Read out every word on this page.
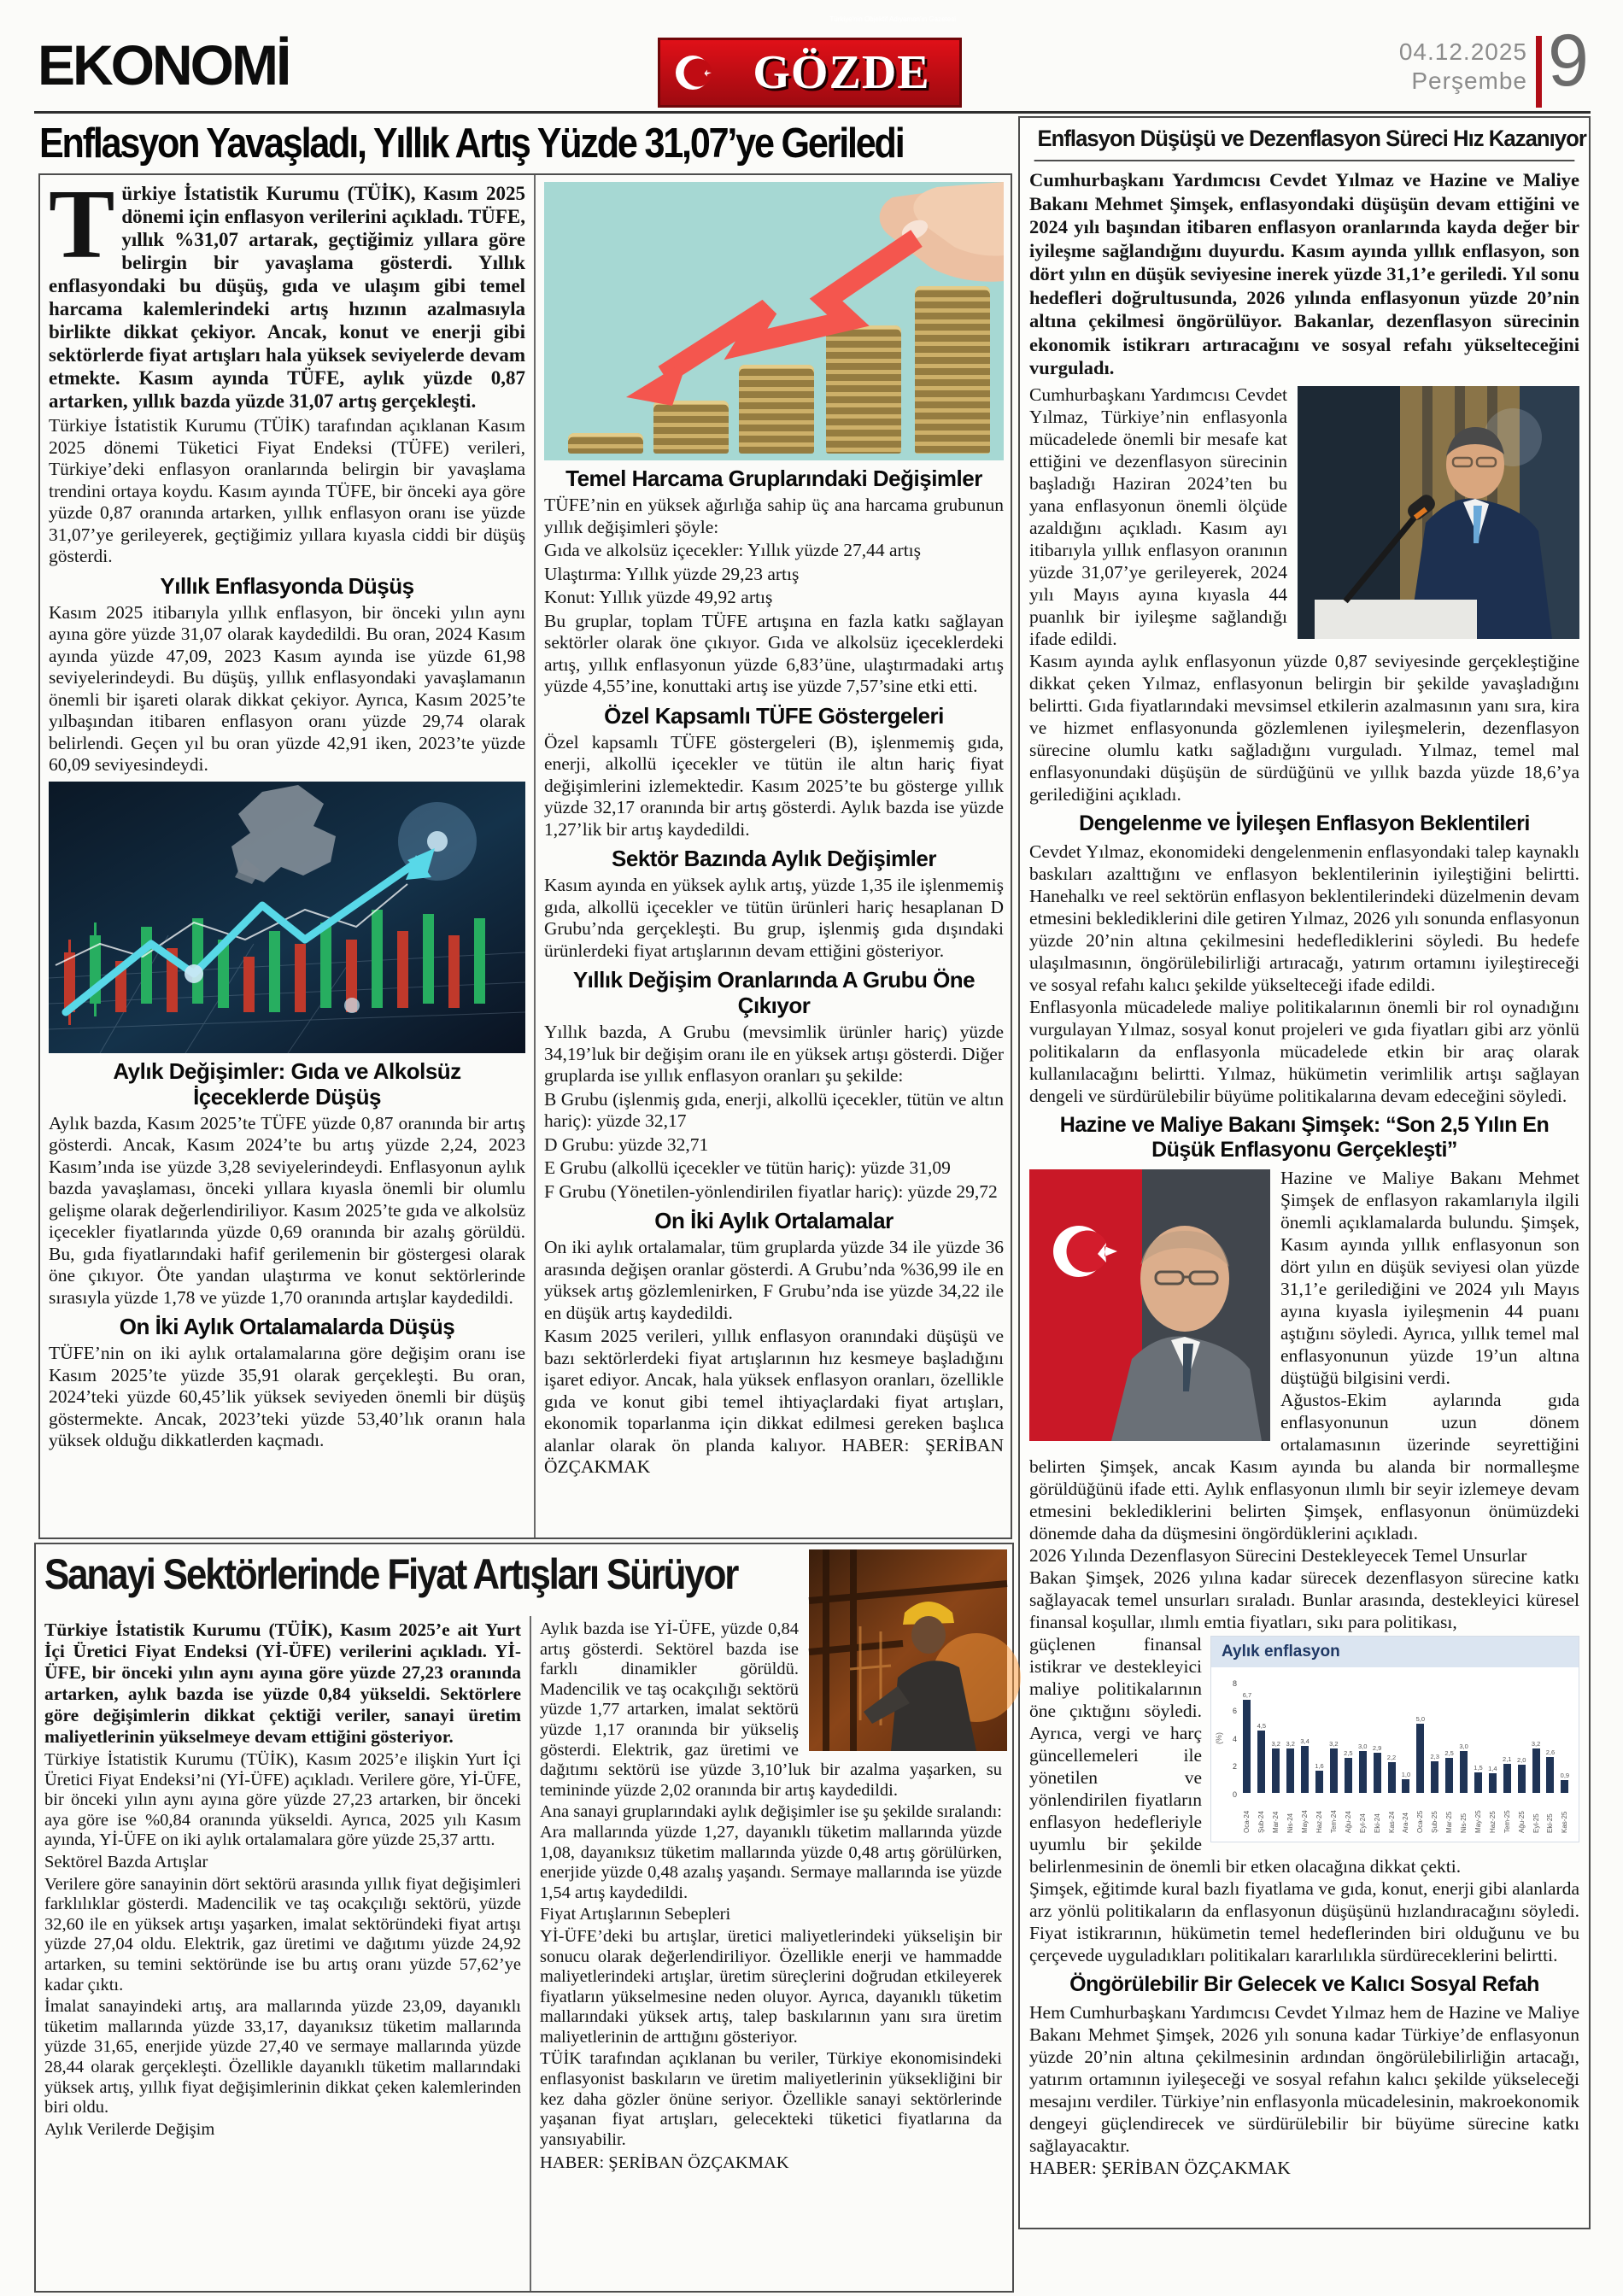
EKONOMİ
Türkiye'nin Objektif Adıyaman'ın Gazetesi
GÖZDE	04.12.2025
Perşembe 9
Enflasyon Yavaşladı, Yıllık Artış Yüzde 31,07’ye Geriledi

Türkiye İstatistik Kurumu (TÜİK), Kasım 2025 dönemi için enflasyon verilerini açıkladı. TÜFE, yıllık %31,07 artarak, geçtiğimiz yıllara göre belirgin bir yavaşlama gösterdi. Yıllık enflasyondaki bu düşüş, gıda ve ulaşım gibi temel harcama kalemlerindeki artış hızının azalmasıyla birlikte dikkat çekiyor. Ancak, konut ve enerji gibi sektörlerde fiyat artışları hala yüksek seviyelerde devam etmekte. Kasım ayında TÜFE, aylık yüzde 0,87 artarken, yıllık bazda yüzde 31,07 artış gerçekleşti.

Türkiye İstatistik Kurumu (TÜİK) tarafından açıklanan Kasım 2025 dönemi Tüketici Fiyat Endeksi (TÜFE) verileri, Türkiye’deki enflasyon oranlarında belirgin bir yavaşlama trendini ortaya koydu. Kasım ayında TÜFE, bir önceki aya göre yüzde 0,87 oranında artarken, yıllık enflasyon oranı ise yüzde 31,07’ye gerileyerek, geçtiğimiz yıllara kıyasla ciddi bir düşüş gösterdi.

Yıllık Enflasyonda Düşüş

Kasım 2025 itibarıyla yıllık enflasyon, bir önceki yılın aynı ayına göre yüzde 31,07 olarak kaydedildi. Bu oran, 2024 Kasım ayında yüzde 47,09, 2023 Kasım ayında ise yüzde 61,98 seviyelerindeydi. Bu düşüş, yıllık enflasyondaki yavaşlamanın önemli bir işareti olarak dikkat çekiyor. Ayrıca, Kasım 2025’te yılbaşından itibaren enflasyon oranı yüzde 29,74 olarak belirlendi. Geçen yıl bu oran yüzde 42,91 iken, 2023’te yüzde 60,09 seviyesindeydi.

Aylık Değişimler: Gıda ve Alkolsüz İçeceklerde Düşüş

Aylık bazda, Kasım 2025’te TÜFE yüzde 0,87 oranında bir artış gösterdi. Ancak, Kasım 2024’te bu artış yüzde 2,24, 2023 Kasım’ında ise yüzde 3,28 seviyelerindeydi. Enflasyonun aylık bazda yavaşlaması, önceki yıllara kıyasla önemli bir olumlu gelişme olarak değerlendiriliyor. Kasım 2025’te gıda ve alkolsüz içecekler fiyatlarında yüzde 0,69 oranında bir azalış görüldü. Bu, gıda fiyatlarındaki hafif gerilemenin bir göstergesi olarak öne çıkıyor. Öte yandan ulaştırma ve konut sektörlerinde sırasıyla yüzde 1,78 ve yüzde 1,70 oranında artışlar kaydedildi.

On İki Aylık Ortalamalarda Düşüş

TÜFE’nin on iki aylık ortalamalarına göre değişim oranı ise Kasım 2025’te yüzde 35,91 olarak gerçekleşti. Bu oran, 2024’teki yüzde 60,45’lik yüksek seviyeden önemli bir düşüş göstermekte. Ancak, 2023’teki yüzde 53,40’lık oranın hala yüksek olduğu dikkatlerden kaçmadı.

Temel Harcama Gruplarındaki Değişimler

TÜFE’nin en yüksek ağırlığa sahip üç ana harcama grubunun yıllık değişimleri şöyle:

Gıda ve alkolsüz içecekler: Yıllık yüzde 27,44 artış

Ulaştırma: Yıllık yüzde 29,23 artış

Konut: Yıllık yüzde 49,92 artış

Bu gruplar, toplam TÜFE artışına en fazla katkı sağlayan sektörler olarak öne çıkıyor. Gıda ve alkolsüz içeceklerdeki artış, yıllık enflasyonun yüzde 6,83’üne, ulaştırmadaki artış yüzde 4,55’ine, konuttaki artış ise yüzde 7,57’sine etki etti.

Özel Kapsamlı TÜFE Göstergeleri

Özel kapsamlı TÜFE göstergeleri (B), işlenmemiş gıda, enerji, alkollü içecekler ve tütün ile altın hariç fiyat değişimlerini izlemektedir. Kasım 2025’te bu gösterge yıllık yüzde 32,17 oranında bir artış gösterdi. Aylık bazda ise yüzde 1,27’lik bir artış kaydedildi.

Sektör Bazında Aylık Değişimler

Kasım ayında en yüksek aylık artış, yüzde 1,35 ile işlenmemiş gıda, alkollü içecekler ve tütün ürünleri hariç hesaplanan D Grubu’nda gerçekleşti. Bu grup, işlenmiş gıda dışındaki ürünlerdeki fiyat artışlarının devam ettiğini gösteriyor.

Yıllık Değişim Oranlarında A Grubu Öne Çıkıyor

Yıllık bazda, A Grubu (mevsimlik ürünler hariç) yüzde 34,19’luk bir değişim oranı ile en yüksek artışı gösterdi. Diğer gruplarda ise yıllık enflasyon oranları şu şekilde:

B Grubu (işlenmiş gıda, enerji, alkollü içecekler, tütün ve altın hariç): yüzde 32,17

D Grubu: yüzde 32,71

E Grubu (alkollü içecekler ve tütün hariç): yüzde 31,09

F Grubu (Yönetilen-yönlendirilen fiyatlar hariç): yüzde 29,72

On İki Aylık Ortalamalar

On iki aylık ortalamalar, tüm gruplarda yüzde 34 ile yüzde 36 arasında değişen oranlar gösterdi. A Grubu’nda %36,99 ile en yüksek artış gözlemlenirken, F Grubu’nda ise yüzde 34,22 ile en düşük artış kaydedildi.

Kasım 2025 verileri, yıllık enflasyon oranındaki düşüşü ve bazı sektörlerdeki fiyat artışlarının hız kesmeye başladığını işaret ediyor. Ancak, hala yüksek enflasyon oranları, özellikle gıda ve konut gibi temel ihtiyaçlardaki fiyat artışları, ekonomik toparlanma için dikkat edilmesi gereken başlıca alanlar olarak ön planda kalıyor. HABER: ŞERİBAN ÖZÇAKMAK

Enflasyon Düşüşü ve Dezenflasyon Süreci Hız Kazanıyor

Cumhurbaşkanı Yardımcısı Cevdet Yılmaz ve Hazine ve Maliye Bakanı Mehmet Şimşek, enflasyondaki düşüşün devam ettiğini ve 2024 yılı başından itibaren enflasyon oranlarında kayda değer bir iyileşme sağlandığını duyurdu. Kasım ayında yıllık enflasyon, son dört yılın en düşük seviyesine inerek yüzde 31,1’e geriledi. Yıl sonu hedefleri doğrultusunda, 2026 yılında enflasyonun yüzde 20’nin altına çekilmesi öngörülüyor. Bakanlar, dezenflasyon sürecinin ekonomik istikrarı artıracağını ve sosyal refahı yükselteceğini vurguladı.

Cumhurbaşkanı Yardımcısı Cevdet Yılmaz, Türkiye’nin enflasyonla mücadelede önemli bir mesafe kat ettiğini ve dezenflasyon sürecinin başladığı Haziran 2024’ten bu yana enflasyonun önemli ölçüde azaldığını açıkladı. Kasım ayı itibarıyla yıllık enflasyon oranının yüzde 31,07’ye gerileyerek, 2024 yılı Mayıs ayına kıyasla 44 puanlık bir iyileşme sağlandığı ifade edildi.

Kasım ayında aylık enflasyonun yüzde 0,87 seviyesinde gerçekleştiğine dikkat çeken Yılmaz, enflasyonun belirgin bir şekilde yavaşladığını belirtti. Gıda fiyatlarındaki mevsimsel etkilerin azalmasının yanı sıra, kira ve hizmet enflasyonunda gözlemlenen iyileşmelerin, dezenflasyon sürecine olumlu katkı sağladığını vurguladı. Yılmaz, temel mal enflasyonundaki düşüşün de sürdüğünü ve yıllık bazda yüzde 18,6’ya gerilediğini açıkladı.

Dengelenme ve İyileşen Enflasyon Beklentileri

Cevdet Yılmaz, ekonomideki dengelenmenin enflasyondaki talep kaynaklı baskıları azalttığını ve enflasyon beklentilerinin iyileştiğini belirtti. Hanehalkı ve reel sektörün enflasyon beklentilerindeki düzelmenin devam etmesini beklediklerini dile getiren Yılmaz, 2026 yılı sonunda enflasyonun yüzde 20’nin altına çekilmesini hedeflediklerini söyledi. Bu hedefe ulaşılmasının, öngörülebilirliği artıracağı, yatırım ortamını iyileştireceği ve sosyal refahı kalıcı şekilde yükselteceği ifade edildi.

Enflasyonla mücadelede maliye politikalarının önemli bir rol oynadığını vurgulayan Yılmaz, sosyal konut projeleri ve gıda fiyatları gibi arz yönlü politikaların da enflasyonla mücadelede etkin bir araç olarak kullanılacağını belirtti. Yılmaz, hükümetin verimlilik artışı sağlayan dengeli ve sürdürülebilir büyüme politikalarına devam edeceğini söyledi.

Hazine ve Maliye Bakanı Şimşek: “Son 2,5 Yılın En Düşük Enflasyonu Gerçekleşti”

Hazine ve Maliye Bakanı Mehmet Şimşek de enflasyon rakamlarıyla ilgili önemli açıklamalarda bulundu. Şimşek, Kasım ayında yıllık enflasyonun son dört yılın en düşük seviyesi olan yüzde 31,1’e gerilediğini ve 2024 yılı Mayıs ayına kıyasla iyileşmenin 44 puanı aştığını söyledi. Ayrıca, yıllık temel mal enflasyonunun yüzde 19’un altına düştüğü bilgisini verdi.

Ağustos-Ekim aylarında gıda enflasyonunun uzun dönem ortalamasının üzerinde seyrettiğini belirten Şimşek, ancak Kasım ayında bu alanda bir normalleşme görüldüğünü ifade etti. Aylık enflasyonun ılımlı bir seyir izlemeye devam etmesini beklediklerini belirten Şimşek, enflasyonun önümüzdeki dönemde daha da düşmesini öngördüklerini açıkladı.

2026 Yılında Dezenflasyon Sürecini Destekleyecek Temel Unsurlar

Bakan Şimşek, 2026 yılına kadar sürecek dezenflasyon sürecine katkı sağlayacak temel unsurları sıraladı. Bunlar arasında, destekleyici küresel finansal koşullar, ılımlı emtia fiyatları, sıkı para politikası,

Aylık enflasyon
(%)
0
2
4
6
8
6,7
Oca-24
4,5
Şub-24
3,2
Mar-24
3,2
Nis-24
3,4
May-24
1,6
Haz-24
3,2
Tem-24
2,5
Ağu-24
3,0
Eyl-24
2,9
Eki-24
2,2
Kas-24
1,0
Ara-24
5,0
Oca-25
2,3
Şub-25
2,5
Mar-25
3,0
Nis-25
1,5
May-25
1,4
Haz-25
2,1
Tem-25
2,0
Ağu-25
3,2
Eyl-25
2,6
Eki-25
0,9
Kas-25

güçlenen finansal istikrar ve destekleyici maliye politikalarının öne çıktığını söyledi. Ayrıca, vergi ve harç güncellemeleri ile yönetilen ve yönlendirilen fiyatların enflasyon hedefleriyle uyumlu bir şekilde belirlenmesinin de önemli bir etken olacağına dikkat çekti.

Şimşek, eğitimde kural bazlı fiyatlama ve gıda, konut, enerji gibi alanlarda arz yönlü politikaların da enflasyonun düşüşünü hızlandıracağını söyledi. Fiyat istikrarının, hükümetin temel hedeflerinden biri olduğunu ve bu çerçevede uyguladıkları politikaları kararlılıkla sürdüreceklerini belirtti.

Öngörülebilir Bir Gelecek ve Kalıcı Sosyal Refah

Hem Cumhurbaşkanı Yardımcısı Cevdet Yılmaz hem de Hazine ve Maliye Bakanı Mehmet Şimşek, 2026 yılı sonuna kadar Türkiye’de enflasyonun yüzde 20’nin altına çekilmesinin ardından öngörülebilirliğin artacağı, yatırım ortamının iyileşeceği ve sosyal refahın kalıcı şekilde yükseleceği mesajını verdiler. Türkiye’nin enflasyonla mücadelesinin, makroekonomik dengeyi güçlendirecek ve sürdürülebilir bir büyüme sürecine katkı sağlayacaktır.

HABER: ŞERİBAN ÖZÇAKMAK

Sanayi Sektörlerinde Fiyat Artışları Sürüyor

Türkiye İstatistik Kurumu (TÜİK), Kasım 2025’e ait Yurt İçi Üretici Fiyat Endeksi (Yİ-ÜFE) verilerini açıkladı. Yİ-ÜFE, bir önceki yılın aynı ayına göre yüzde 27,23 oranında artarken, aylık bazda ise yüzde 0,84 yükseldi. Sektörlere göre değişimlerin dikkat çektiği veriler, sanayi üretim maliyetlerinin yükselmeye devam ettiğini gösteriyor.

Türkiye İstatistik Kurumu (TÜİK), Kasım 2025’e ilişkin Yurt İçi Üretici Fiyat Endeksi’ni (Yİ-ÜFE) açıkladı. Verilere göre, Yİ-ÜFE, bir önceki yılın aynı ayına göre yüzde 27,23 artarken, bir önceki aya göre ise %0,84 oranında yükseldi. Ayrıca, 2025 yılı Kasım ayında, Yİ-ÜFE on iki aylık ortalamalara göre yüzde 25,37 arttı.

Sektörel Bazda Artışlar

Verilere göre sanayinin dört sektörü arasında yıllık fiyat değişimleri farklılıklar gösterdi. Madencilik ve taş ocakçılığı sektörü, yüzde 32,60 ile en yüksek artışı yaşarken, imalat sektöründeki fiyat artışı yüzde 27,04 oldu. Elektrik, gaz üretimi ve dağıtımı yüzde 24,92 artarken, su temini sektöründe ise bu artış oranı yüzde 57,62’ye kadar çıktı.

İmalat sanayindeki artış, ara mallarında yüzde 23,09, dayanıklı tüketim mallarında yüzde 33,17, dayanıksız tüketim mallarında yüzde 31,65, enerjide yüzde 27,40 ve sermaye mallarında yüzde 28,44 olarak gerçekleşti. Özellikle dayanıklı tüketim mallarındaki yüksek artış, yıllık fiyat değişimlerinin dikkat çeken kalemlerinden biri oldu.

Aylık Verilerde Değişim

Aylık bazda ise Yİ-ÜFE, yüzde 0,84 artış gösterdi. Sektörel bazda ise farklı dinamikler görüldü. Madencilik ve taş ocakçılığı sektörü yüzde 1,77 artarken, imalat sektörü yüzde 1,17 oranında bir yükseliş gösterdi. Elektrik, gaz üretimi ve dağıtımı sektörü ise yüzde 3,10’luk bir azalma yaşarken, su temininde yüzde 2,02 oranında bir artış kaydedildi.

Ana sanayi gruplarındaki aylık değişimler ise şu şekilde sıralandı: Ara mallarında yüzde 1,27, dayanıklı tüketim mallarında yüzde 1,08, dayanıksız tüketim mallarında yüzde 0,48 artış görülürken, enerjide yüzde 0,48 azalış yaşandı. Sermaye mallarında ise yüzde 1,54 artış kaydedildi.

Fiyat Artışlarının Sebepleri

Yİ-ÜFE’deki bu artışlar, üretici maliyetlerindeki yükselişin bir sonucu olarak değerlendiriliyor. Özellikle enerji ve hammadde maliyetlerindeki artışlar, üretim süreçlerini doğrudan etkileyerek fiyatların yükselmesine neden oluyor. Ayrıca, dayanıklı tüketim mallarındaki yüksek artış, talep baskılarının yanı sıra üretim maliyetlerinin de arttığını gösteriyor.

TÜİK tarafından açıklanan bu veriler, Türkiye ekonomisindeki enflasyonist baskıların ve üretim maliyetlerinin yüksekliğini bir kez daha gözler önüne seriyor. Özellikle sanayi sektörlerinde yaşanan fiyat artışları, gelecekteki tüketici fiyatlarına da yansıyabilir.

HABER: ŞERİBAN ÖZÇAKMAK
